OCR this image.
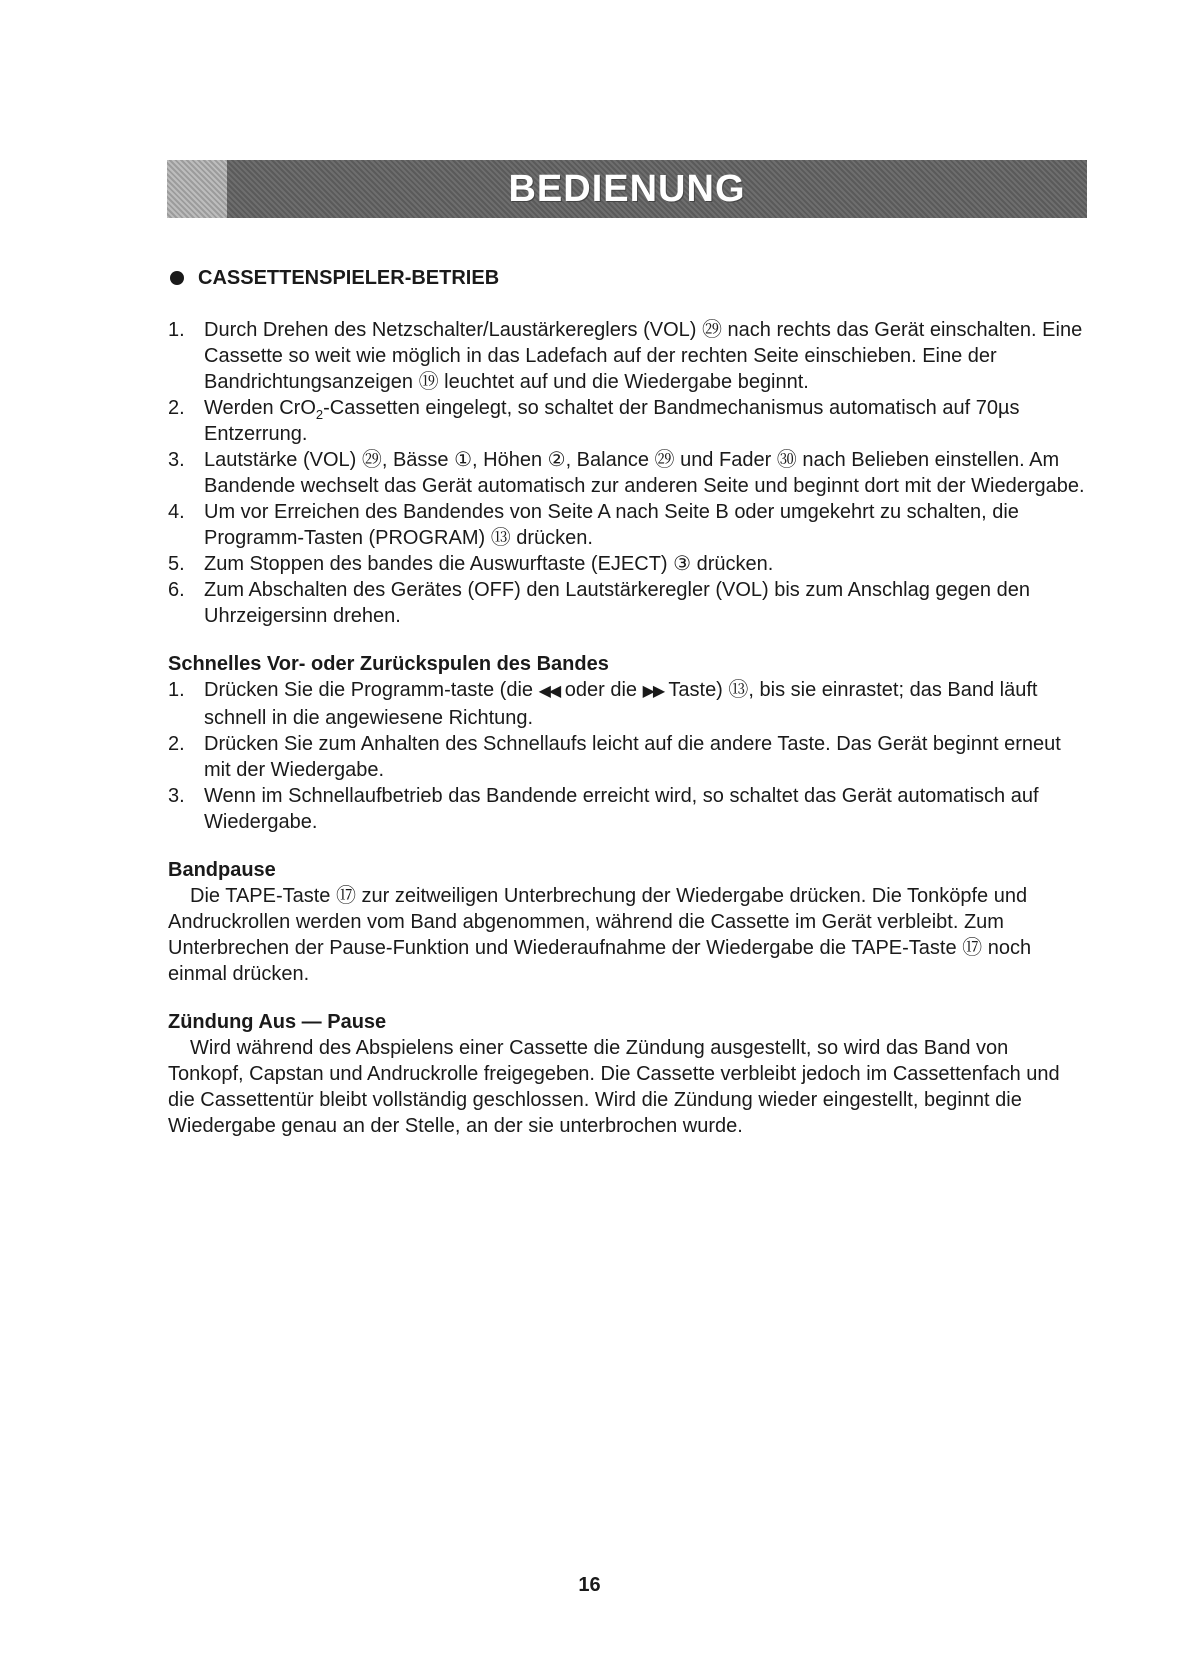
BEDIENUNG
CASSETTENSPIELER-BETRIEB
1. Durch Drehen des Netzschalter/Laustärkereglers (VOL) ㉙ nach rechts das Gerät einschalten. Eine Cassette so weit wie möglich in das Ladefach auf der rechten Seite einschieben. Eine der Bandrichtungsanzeigen ⑲ leuchtet auf und die Wiedergabe beginnt.
2. Werden CrO$_2$-Cassetten eingelegt, so schaltet der Bandmechanismus automatisch auf 70µs Entzerrung.
3. Lautstärke (VOL) ㉙, Bässe ①, Höhen ②, Balance ㉙ und Fader ㉚ nach Belieben einstellen. Am Bandende wechselt das Gerät automatisch zur anderen Seite und beginnt dort mit der Wiedergabe.
4. Um vor Erreichen des Bandendes von Seite A nach Seite B oder umgekehrt zu schalten, die Programm-Tasten (PROGRAM) ⑬ drücken.
5. Zum Stoppen des bandes die Auswurftaste (EJECT) ③ drücken.
6. Zum Abschalten des Gerätes (OFF) den Lautstärkeregler (VOL) bis zum Anschlag gegen den Uhrzeigersinn drehen.
Schnelles Vor- oder Zurückspulen des Bandes
1. Drücken Sie die Programm-taste (die ◀◀ oder die ▶▶ Taste) ⑬, bis sie einrastet; das Band läuft schnell in die angewiesene Richtung.
2. Drücken Sie zum Anhalten des Schnellaufs leicht auf die andere Taste. Das Gerät beginnt erneut mit der Wiedergabe.
3. Wenn im Schnellaufbetrieb das Bandende erreicht wird, so schaltet das Gerät automatisch auf Wiedergabe.
Bandpause

Die TAPE-Taste ⑰ zur zeitweiligen Unterbrechung der Wiedergabe drücken. Die Tonköpfe und Andruckrollen werden vom Band abgenommen, während die Cassette im Gerät verbleibt. Zum Unterbrechen der Pause-Funktion und Wiederaufnahme der Wiedergabe die TAPE-Taste ⑰ noch einmal drücken.

Zündung Aus — Pause

Wird während des Abspielens einer Cassette die Zündung ausgestellt, so wird das Band von Tonkopf, Capstan und Andruckrolle freigegeben. Die Cassette verbleibt jedoch im Cassettenfach und die Cassettentür bleibt vollständig geschlossen. Wird die Zündung wieder eingestellt, beginnt die Wiedergabe genau an der Stelle, an der sie unterbrochen wurde.

16
